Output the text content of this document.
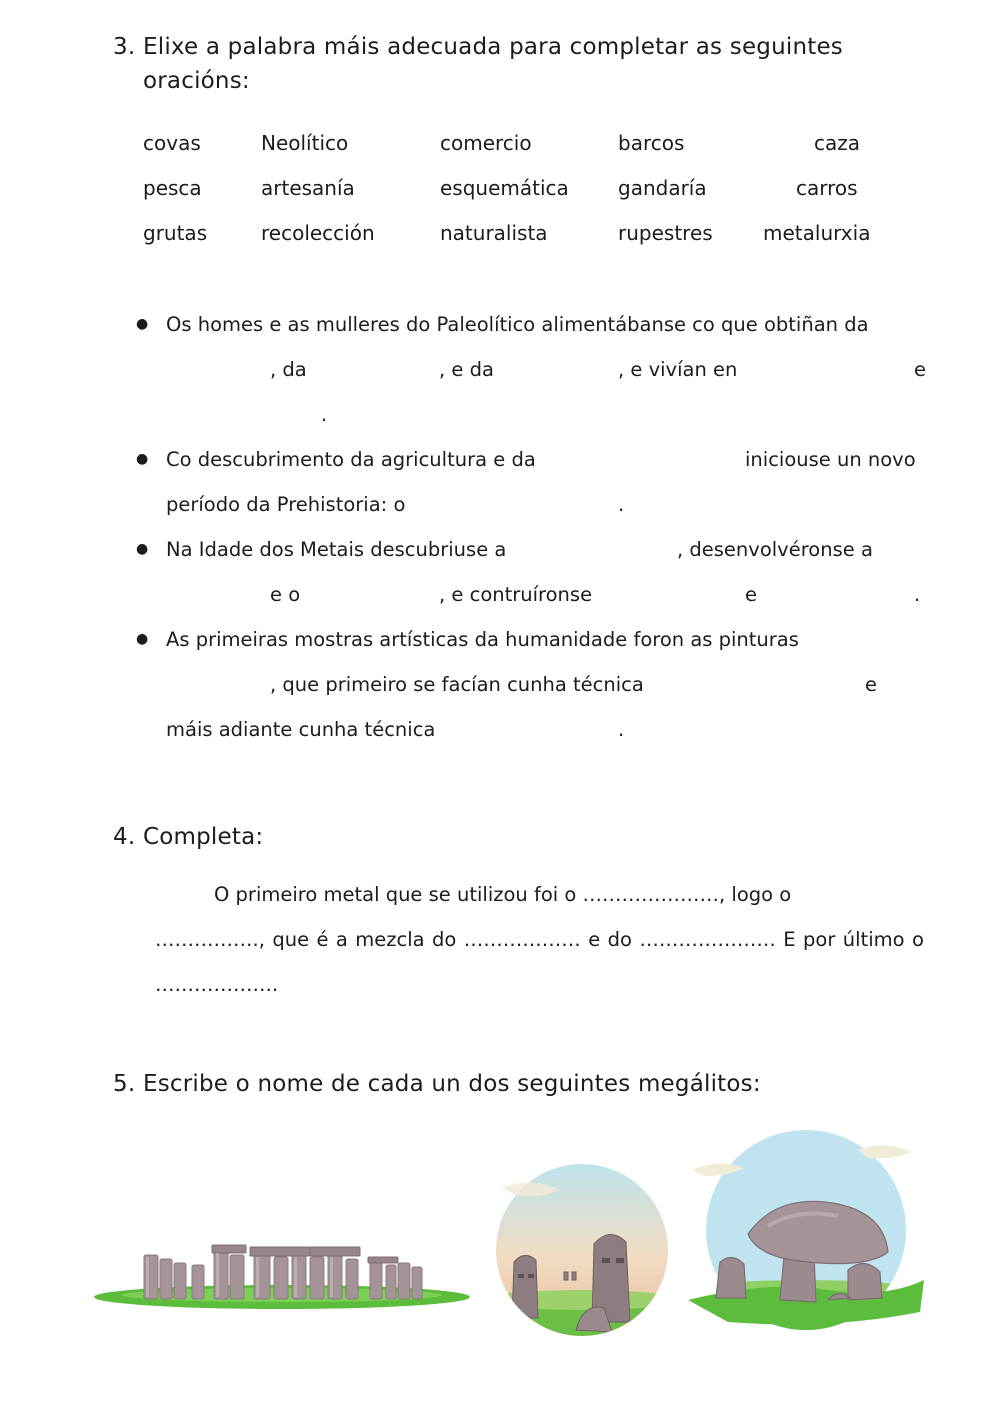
3. Elixe a palabra máis adecuada para completar as seguintes
oracións:
covas	Neolítico	comercio	barcos	caza
pesca	artesanía	esquemática gandaría	carros
grutas	recolección	naturalista	rupestres	metalurxia
● Os homes e as mulleres do Paleolítico alimentábanse co que obtiñan da
, da	, e da	, e vivían en	e
.
● Co descubrimento da agricultura e da	iniciouse un novo
período da Prehistoria: o	.
● Na Idade dos Metais descubriuse a	, desenvolvéronse a
e o	, e contruíronse	e	.
● As primeiras mostras artísticas da humanidade foron as pinturas
, que primeiro se facían cunha técnica	e
máis adiante cunha técnica	.
4. Completa:
O primeiro metal que se utilizou foi o …………………, logo o
……………., que é a mezcla do ……………… e do ………………… E por último o
……………….
5. Escribe o nome de cada un dos seguintes megálitos:
